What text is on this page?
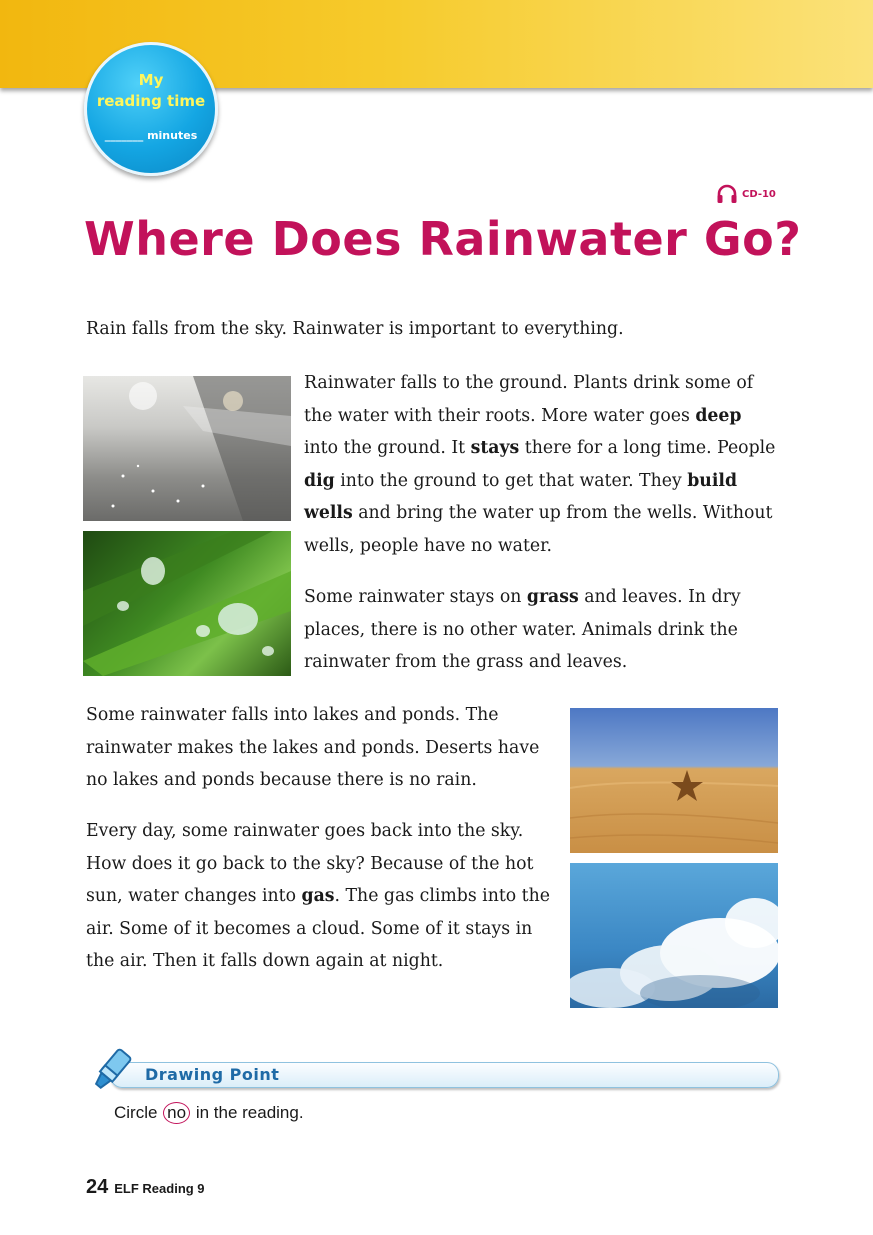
My
reading time
_______ minutes
CD-10
Where Does Rainwater Go?
Rain falls from the sky. Rainwater is important to everything.
Rainwater falls to the ground. Plants drink some of the water with their roots. More water goes deep into the ground. It stays there for a long time. People dig into the ground to get that water. They build wells and bring the water up from the wells. Without wells, people have no water.
Some rainwater stays on grass and leaves. In dry places, there is no other water. Animals drink the rainwater from the grass and leaves.
Some rainwater falls into lakes and ponds. The rainwater makes the lakes and ponds. Deserts have no lakes and ponds because there is no rain.
Every day, some rainwater goes back into the sky. How does it go back to the sky? Because of the hot sun, water changes into gas. The gas climbs into the air. Some of it becomes a cloud. Some of it stays in the air. Then it falls down again at night.
Drawing Point
Circle no in the reading.
24 ELF Reading 9
